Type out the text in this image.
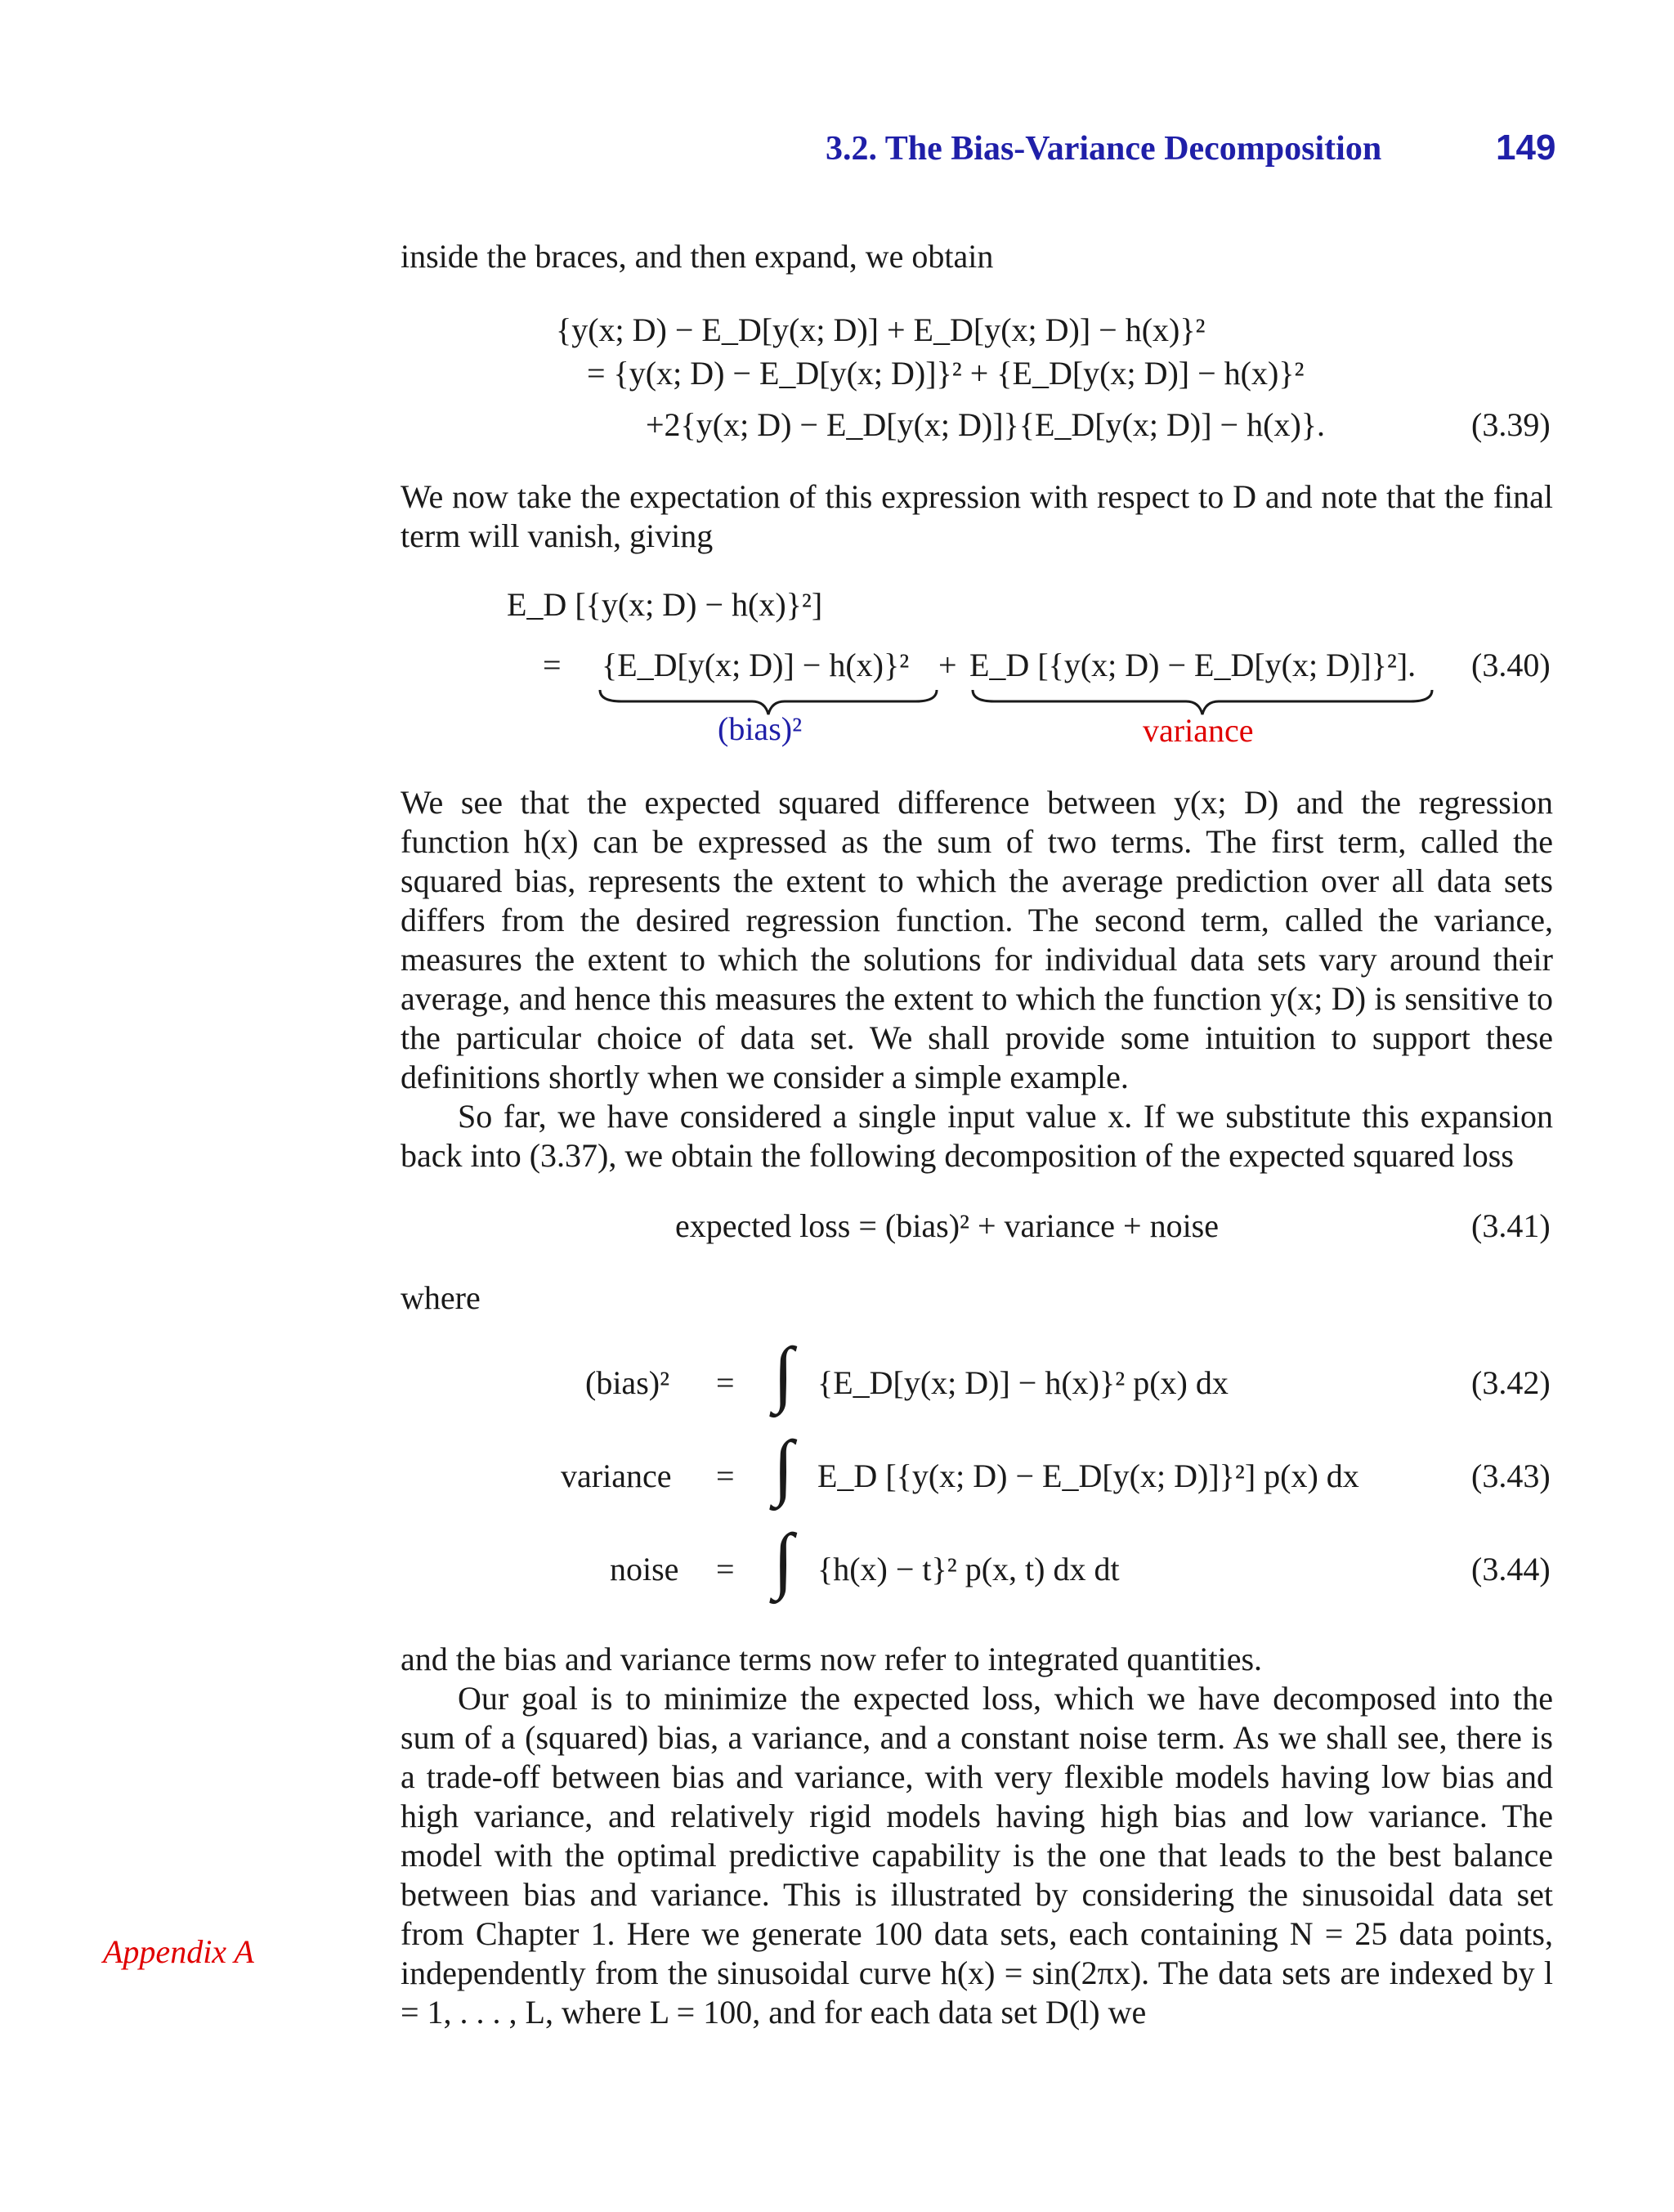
3.2. The Bias-Variance Decomposition	149
inside the braces, and then expand, we obtain
{y(x; D) − E_D[y(x; D)] + E_D[y(x; D)] − h(x)}²
= {y(x; D) − E_D[y(x; D)]}² + {E_D[y(x; D)] − h(x)}²
+2{y(x; D) − E_D[y(x; D)]}{E_D[y(x; D)] − h(x)}.	(3.39)
We now take the expectation of this expression with respect to D and note that the final term will vanish, giving
E_D [{y(x; D) − h(x)}²]
= {E_D[y(x; D)] − h(x)}² + E_D [{y(x; D) − E_D[y(x; D)]}²]. (3.40)
(bias)²	variance
We see that the expected squared difference between y(x; D) and the regression function h(x) can be expressed as the sum of two terms. The first term, called the squared bias, represents the extent to which the average prediction over all data sets differs from the desired regression function. The second term, called the variance, measures the extent to which the solutions for individual data sets vary around their average, and hence this measures the extent to which the function y(x; D) is sensitive to the particular choice of data set. We shall provide some intuition to support these definitions shortly when we consider a simple example.
So far, we have considered a single input value x. If we substitute this expansion back into (3.37), we obtain the following decomposition of the expected squared loss
expected loss = (bias)² + variance + noise	(3.41)
where
(bias)² = ∫ {E_D[y(x; D)] − h(x)}² p(x) dx	(3.42)
variance = ∫ E_D [{y(x; D) − E_D[y(x; D)]}²] p(x) dx	(3.43)
noise = ∫ {h(x) − t}² p(x, t) dx dt	(3.44)
and the bias and variance terms now refer to integrated quantities.
Our goal is to minimize the expected loss, which we have decomposed into the sum of a (squared) bias, a variance, and a constant noise term. As we shall see, there is a trade-off between bias and variance, with very flexible models having low bias and high variance, and relatively rigid models having high bias and low variance. The model with the optimal predictive capability is the one that leads to the best balance between bias and variance. This is illustrated by considering the sinusoidal data set from Chapter 1. Here we generate 100 data sets, each containing N = 25 data points, independently from the sinusoidal curve h(x) = sin(2πx). The data sets are indexed by l = 1, . . . , L, where L = 100, and for each data set D(l) we
Appendix A
